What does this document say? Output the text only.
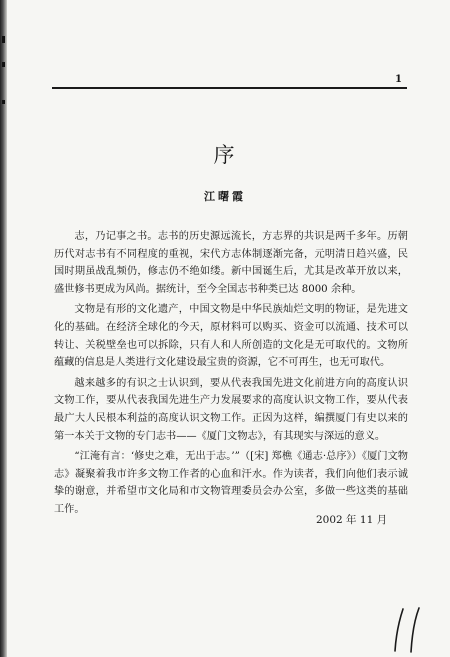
1
序
江曙霞

志，乃记事之书。志书的历史源远流长，方志界的共识是两千多年。历朝历代对志书有不同程度的重视，宋代方志体制逐渐完备，元明清日趋兴盛，民国时期虽战乱频仍，修志仍不绝如缕。新中国诞生后，尤其是改革开放以来，盛世修书更成为风尚。据统计，至今全国志书种类已达 8000 余种。

文物是有形的文化遗产，中国文物是中华民族灿烂文明的物证，是先进文化的基础。在经济全球化的今天，原材料可以购买、资金可以流通、技术可以转让、关税壁垒也可以拆除，只有人和人所创造的文化是无可取代的。文物所蕴藏的信息是人类进行文化建设最宝贵的资源，它不可再生，也无可取代。

越来越多的有识之士认识到，要从代表我国先进文化前进方向的高度认识文物工作，要从代表我国先进生产力发展要求的高度认识文物工作，要从代表最广大人民根本利益的高度认识文物工作。正因为这样，编撰厦门有史以来的第一本关于文物的专门志书——《厦门文物志》，有其现实与深远的意义。

“江淹有言：‘修史之难，无出于志。’”（[宋] 郑樵《通志·总序》）《厦门文物志》凝聚着我市许多文物工作者的心血和汗水。作为读者，我们向他们表示诚挚的谢意，并希望市文化局和市文物管理委员会办公室，多做一些这类的基础工作。

2002 年 11 月
